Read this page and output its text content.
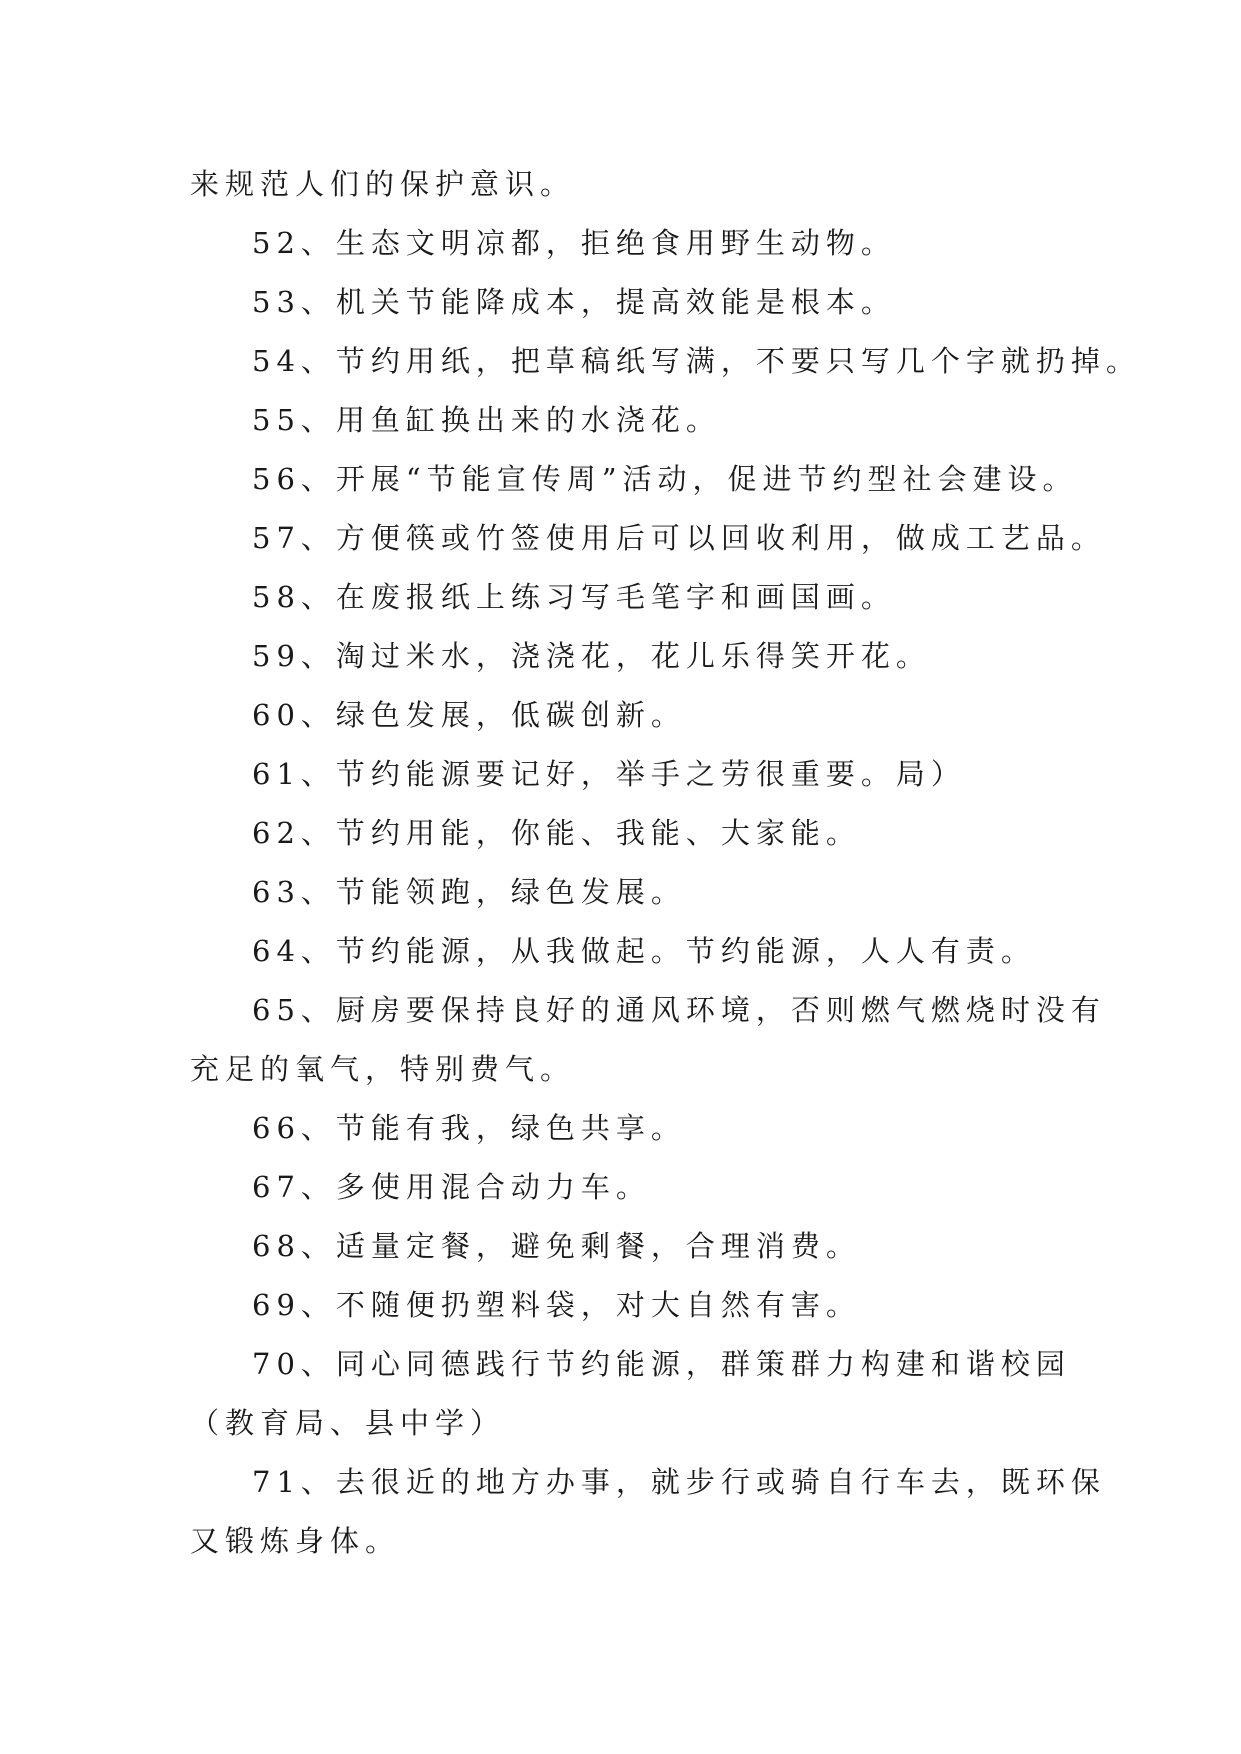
来规范人们的保护意识。
52、生态文明凉都，拒绝食用野生动物。
53、机关节能降成本，提高效能是根本。
54、节约用纸，把草稿纸写满，不要只写几个字就扔掉。
55、用鱼缸换出来的水浇花。
56、开展“节能宣传周”活动，促进节约型社会建设。
57、方便筷或竹签使用后可以回收利用，做成工艺品。
58、在废报纸上练习写毛笔字和画国画。
59、淘过米水，浇浇花，花儿乐得笑开花。
60、绿色发展，低碳创新。
61、节约能源要记好，举手之劳很重要。局）
62、节约用能，你能、我能、大家能。
63、节能领跑，绿色发展。
64、节约能源，从我做起。节约能源，人人有责。
65、厨房要保持良好的通风环境，否则燃气燃烧时没有
充足的氧气，特别费气。
66、节能有我，绿色共享。
67、多使用混合动力车。
68、适量定餐，避免剩餐，合理消费。
69、不随便扔塑料袋，对大自然有害。
70、同心同德践行节约能源，群策群力构建和谐校园
（教育局、县中学）
71、去很近的地方办事，就步行或骑自行车去，既环保
又锻炼身体。
